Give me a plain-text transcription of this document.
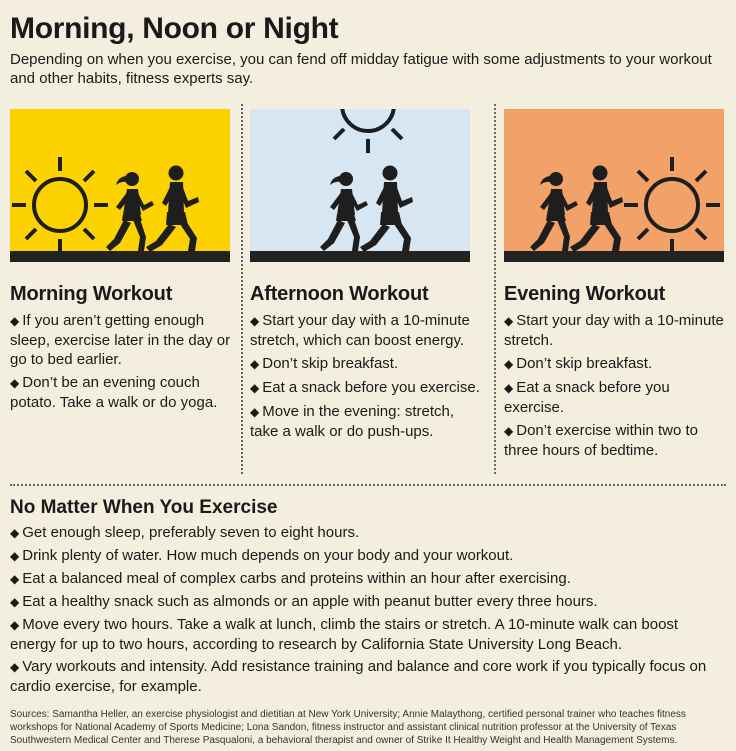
Morning, Noon or Night

Depending on when you exercise, you can fend off midday fatigue with some adjustments to your workout and other habits, fitness experts say.

Morning Workout
◆ If you aren’t getting enough sleep, exercise later in the day or go to bed earlier.
◆ Don’t be an evening couch potato. Take a walk or do yoga.
Afternoon Workout
◆ Start your day with a 10-minute stretch, which can boost energy.
◆ Don’t skip breakfast.
◆ Eat a snack before you exercise.
◆ Move in the evening: stretch, take a walk or do push-ups.
Evening Workout
◆ Start your day with a 10-minute stretch.
◆ Don’t skip breakfast.
◆ Eat a snack before you exercise.
◆ Don’t exercise within two to three hours of bedtime.
No Matter When You Exercise
◆ Get enough sleep, preferably seven to eight hours.
◆ Drink plenty of water. How much depends on your body and your workout.
◆ Eat a balanced meal of complex carbs and proteins within an hour after exercising.
◆ Eat a healthy snack such as almonds or an apple with peanut butter every three hours.
◆ Move every two hours. Take a walk at lunch, climb the stairs or stretch. A 10-minute walk can boost energy for up to two hours, according to research by California State University Long Beach.
◆ Vary workouts and intensity. Add resistance training and balance and core work if you typically focus on cardio exercise, for example.

Sources: Samantha Heller, an exercise physiologist and dietitian at New York University; Annie Malaythong, certified personal trainer who teaches fitness workshops for National Academy of Sports Medicine; Lona Sandon, fitness instructor and assistant clinical nutrition professor at the University of Texas Southwestern Medical Center and Therese Pasqualoni, a behavioral therapist and owner of Strike It Healthy Weight and Health Management Systems.
